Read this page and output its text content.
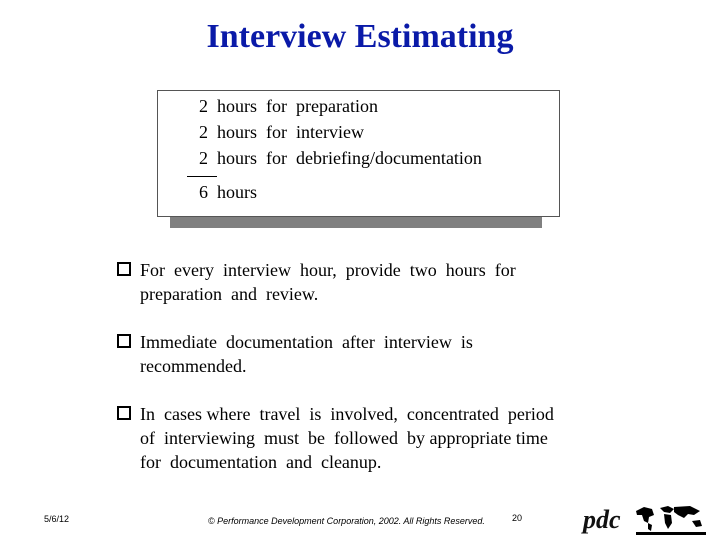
Interview Estimating
2  hours  for  preparation
2  hours  for  interview
2  hours  for  debriefing/documentation
6  hours
For  every  interview  hour,  provide  two  hours  for
preparation  and  review.
Immediate  documentation  after  interview  is
recommended.
In  cases where  travel  is  involved,  concentrated  period
of  interviewing  must  be  followed  by appropriate time
for  documentation  and  cleanup.
5/6/12	© Performance Development Corporation, 2002. All Rights Reserved.	20 pdc
